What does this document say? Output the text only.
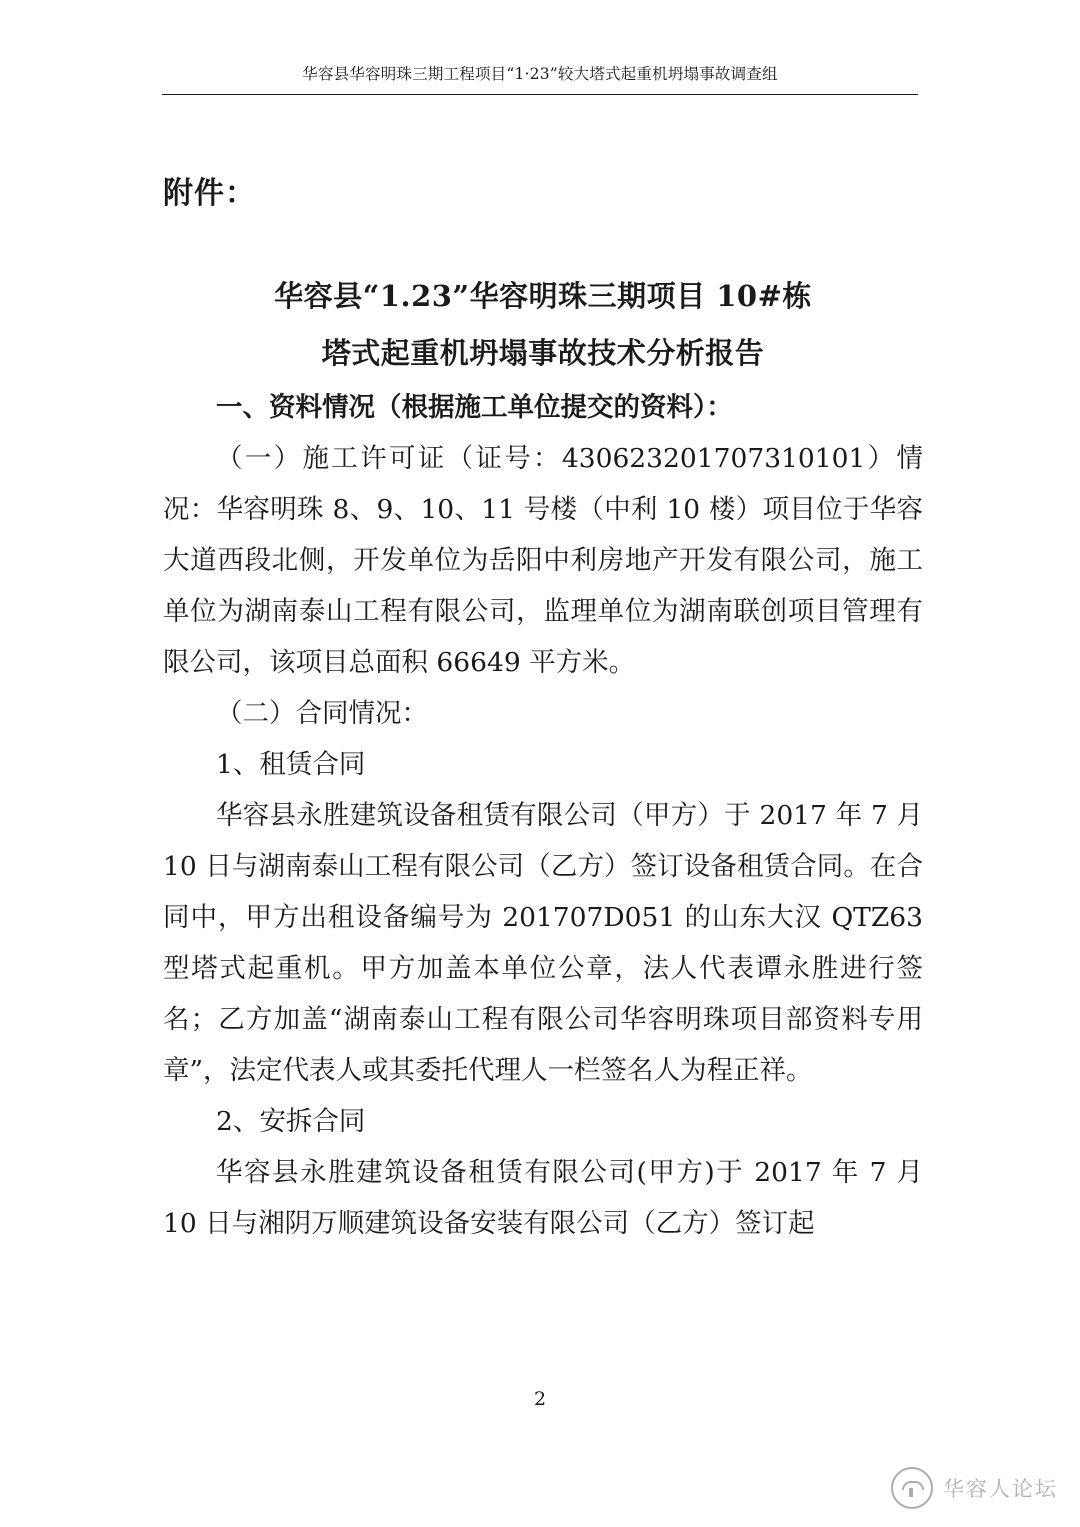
华容县华容明珠三期工程项目“1·23”较大塔式起重机坍塌事故调查组
附件：
华容县“1.23”华容明珠三期项目 10#栋
塔式起重机坍塌事故技术分析报告

一、资料情况（根据施工单位提交的资料）：

（一）施工许可证（证号：430623201707310101）情况：华容明珠 8、9、10、11 号楼（中利 10 楼）项目位于华容大道西段北侧，开发单位为岳阳中利房地产开发有限公司，施工单位为湖南泰山工程有限公司，监理单位为湖南联创项目管理有限公司，该项目总面积 66649 平方米。

（二）合同情况：

1、租赁合同

华容县永胜建筑设备租赁有限公司（甲方）于 2017 年 7 月 10 日与湖南泰山工程有限公司（乙方）签订设备租赁合同。在合同中，甲方出租设备编号为 201707D051 的山东大汉 QTZ63 型塔式起重机。甲方加盖本单位公章，法人代表谭永胜进行签名；乙方加盖“湖南泰山工程有限公司华容明珠项目部资料专用章”，法定代表人或其委托代理人一栏签名人为程正祥。

2、安拆合同

华容县永胜建筑设备租赁有限公司(甲方)于 2017 年 7 月 10 日与湘阴万顺建筑设备安装有限公司（乙方）签订起

2
华容人论坛
